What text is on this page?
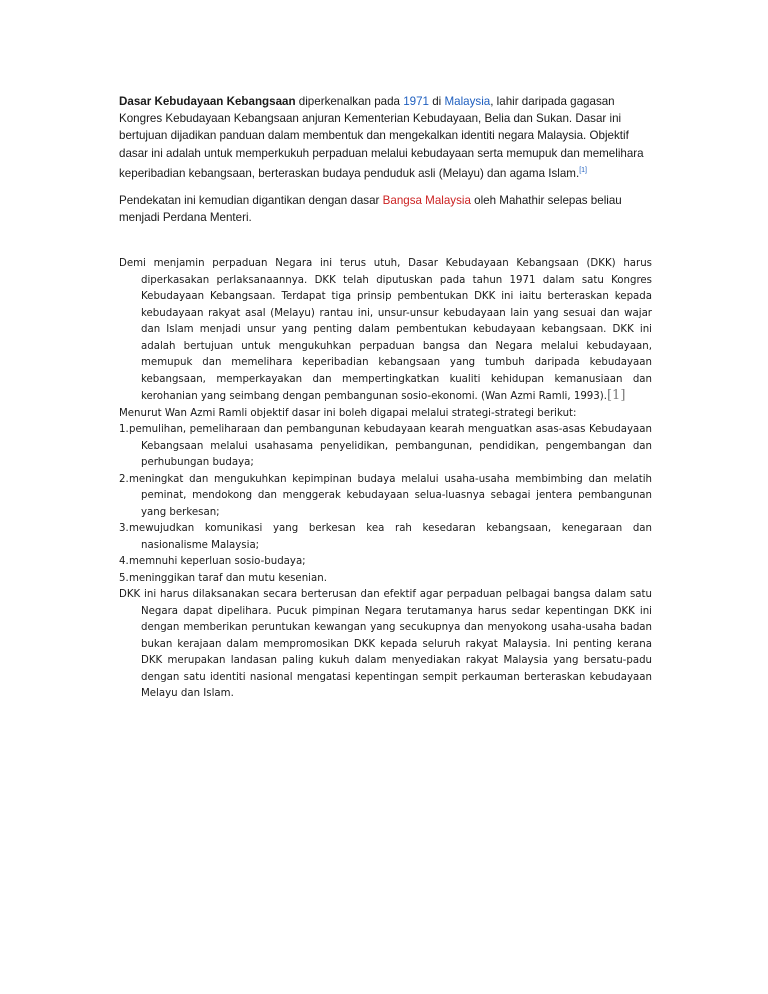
Dasar Kebudayaan Kebangsaan diperkenalkan pada 1971 di Malaysia, lahir daripada gagasan Kongres Kebudayaan Kebangsaan anjuran Kementerian Kebudayaan, Belia dan Sukan. Dasar ini bertujuan dijadikan panduan dalam membentuk dan mengekalkan identiti negara Malaysia. Objektif dasar ini adalah untuk memperkukuh perpaduan melalui kebudayaan serta memupuk dan memelihara keperibadian kebangsaan, berteraskan budaya penduduk asli (Melayu) dan agama Islam.[1]

Pendekatan ini kemudian digantikan dengan dasar Bangsa Malaysia oleh Mahathir selepas beliau menjadi Perdana Menteri.

Demi menjamin perpaduan Negara ini terus utuh, Dasar Kebudayaan Kebangsaan (DKK) harus diperkasakan perlaksanaannya. DKK telah diputuskan pada tahun 1971 dalam satu Kongres Kebudayaan Kebangsaan. Terdapat tiga prinsip pembentukan DKK ini iaitu berteraskan kepada kebudayaan rakyat asal (Melayu) rantau ini, unsur-unsur kebudayaan lain yang sesuai dan wajar dan Islam menjadi unsur yang penting dalam pembentukan kebudayaan kebangsaan. DKK ini adalah bertujuan untuk mengukuhkan perpaduan bangsa dan Negara melalui kebudayaan, memupuk dan memelihara keperibadian kebangsaan yang tumbuh daripada kebudayaan kebangsaan, memperkayakan dan mempertingkatkan kualiti kehidupan kemanusiaan dan kerohanian yang seimbang dengan pembangunan sosio-ekonomi. (Wan Azmi Ramli, 1993).[1]

Menurut Wan Azmi Ramli objektif dasar ini boleh digapai melalui strategi-strategi berikut:

1. pemulihan, pemeliharaan dan pembangunan kebudayaan kearah menguatkan asas-asas Kebudayaan Kebangsaan melalui usahasama penyelidikan, pembangunan, pendidikan, pengembangan dan perhubungan budaya;
2. meningkat dan mengukuhkan kepimpinan budaya melalui usaha-usaha membimbing dan melatih peminat, mendokong dan menggerak kebudayaan selua-luasnya sebagai jentera pembangunan yang berkesan;
3. mewujudkan komunikasi yang berkesan kea rah kesedaran kebangsaan, kenegaraan dan nasionalisme Malaysia;
4. memnuhi keperluan sosio-budaya;
5. meninggikan taraf dan mutu kesenian.

DKK ini harus dilaksanakan secara berterusan dan efektif agar perpaduan pelbagai bangsa dalam satu Negara dapat dipelihara. Pucuk pimpinan Negara terutamanya harus sedar kepentingan DKK ini dengan memberikan peruntukan kewangan yang secukupnya dan menyokong usaha-usaha badan bukan kerajaan dalam mempromosikan DKK kepada seluruh rakyat Malaysia. Ini penting kerana DKK merupakan landasan paling kukuh dalam menyediakan rakyat Malaysia yang bersatu-padu dengan satu identiti nasional mengatasi kepentingan sempit perkauman berteraskan kebudayaan Melayu dan Islam.
